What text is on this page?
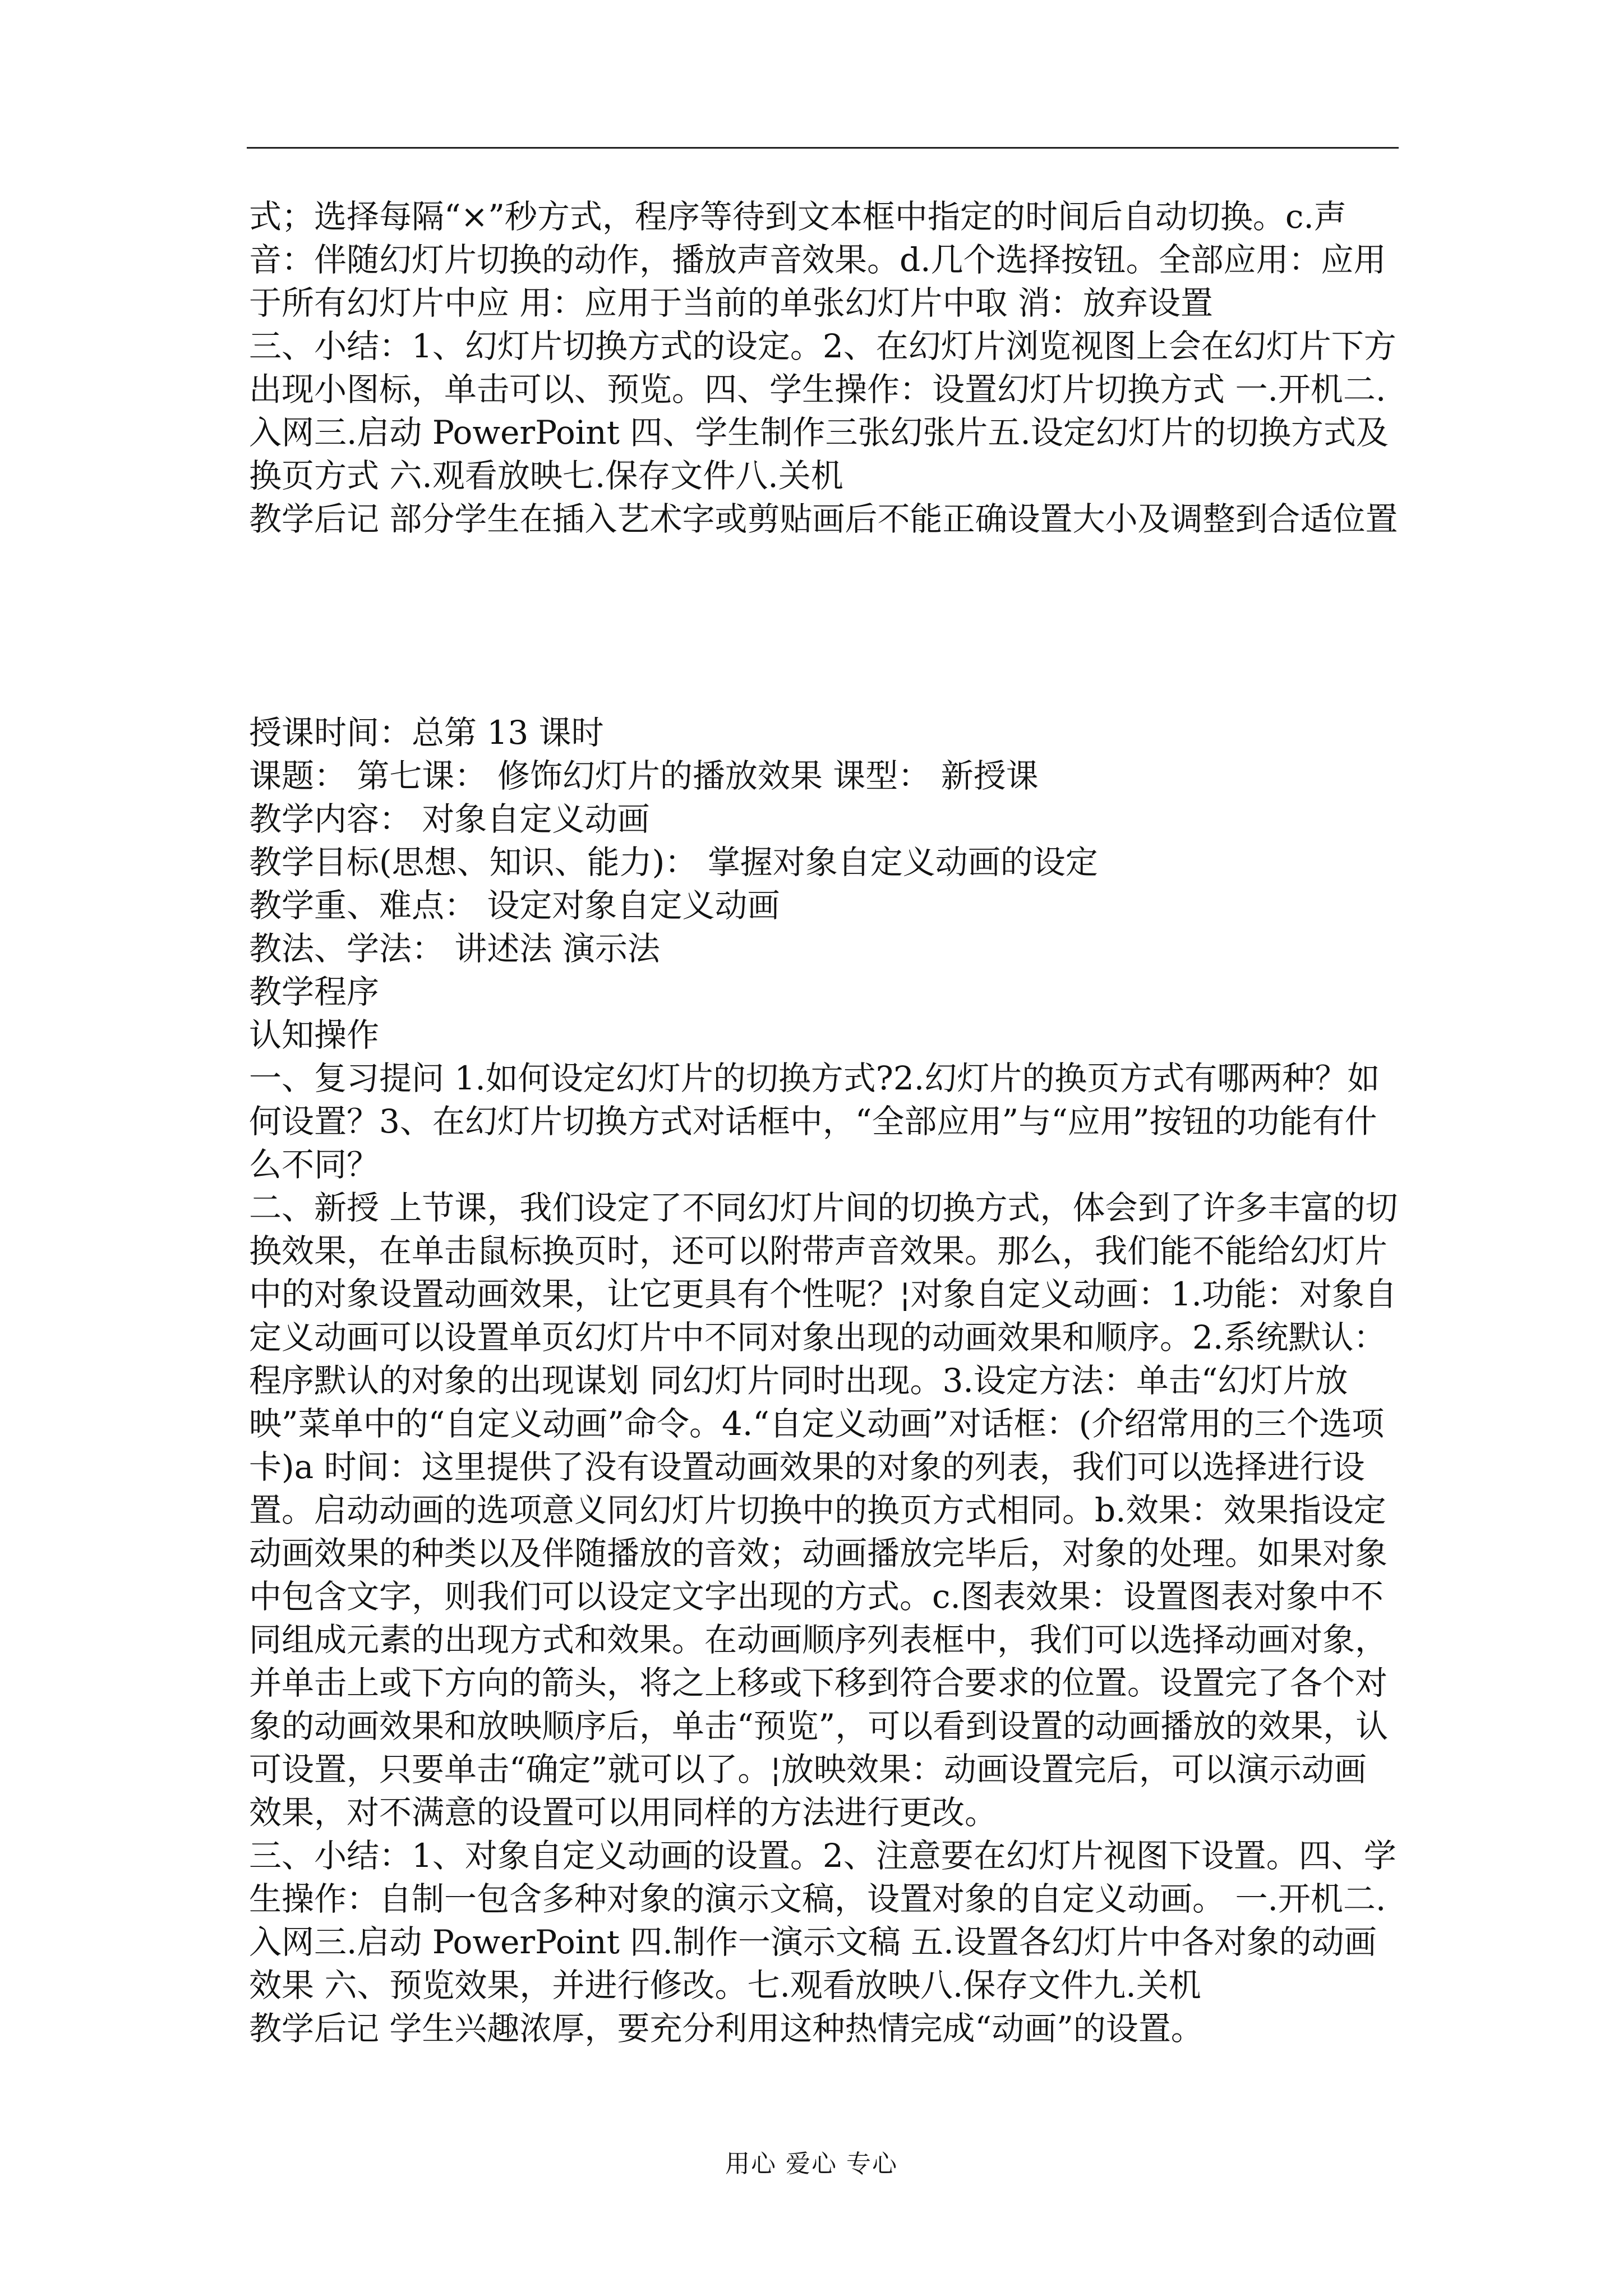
式；选择每隔“×”秒方式，程序等待到文本框中指定的时间后自动切换。c.声音：伴随幻灯片切换的动作，播放声音效果。d.几个选择按钮。全部应用：应用于所有幻灯片中应 用：应用于当前的单张幻灯片中取 消：放弃设置

三、小结：1、幻灯片切换方式的设定。2、在幻灯片浏览视图上会在幻灯片下方出现小图标，单击可以、预览。四、学生操作：设置幻灯片切换方式 一.开机二.入网三.启动 PowerPoint 四、学生制作三张幻张片五.设定幻灯片的切换方式及换页方式 六.观看放映七.保存文件八.关机

教学后记 部分学生在插入艺术字或剪贴画后不能正确设置大小及调整到合适位置

授课时间：总第 13 课时

课题： 第七课： 修饰幻灯片的播放效果 课型： 新授课

教学内容： 对象自定义动画

教学目标(思想、知识、能力)： 掌握对象自定义动画的设定

教学重、难点： 设定对象自定义动画

教法、学法： 讲述法 演示法

教学程序

认知操作

一、复习提问 1.如何设定幻灯片的切换方式?2.幻灯片的换页方式有哪两种？如何设置？3、在幻灯片切换方式对话框中，“全部应用”与“应用”按钮的功能有什么不同？

二、新授 上节课，我们设定了不同幻灯片间的切换方式，体会到了许多丰富的切换效果，在单击鼠标换页时，还可以附带声音效果。那么，我们能不能给幻灯片中的对象设置动画效果，让它更具有个性呢？¦对象自定义动画：1.功能：对象自定义动画可以设置单页幻灯片中不同对象出现的动画效果和顺序。2.系统默认：程序默认的对象的出现谋划 同幻灯片同时出现。3.设定方法：单击“幻灯片放映”菜单中的“自定义动画”命令。4.“自定义动画”对话框：(介绍常用的三个选项卡)a 时间：这里提供了没有设置动画效果的对象的列表，我们可以选择进行设置。启动动画的选项意义同幻灯片切换中的换页方式相同。b.效果：效果指设定动画效果的种类以及伴随播放的音效；动画播放完毕后，对象的处理。如果对象中包含文字，则我们可以设定文字出现的方式。c.图表效果：设置图表对象中不同组成元素的出现方式和效果。在动画顺序列表框中，我们可以选择动画对象，并单击上或下方向的箭头，将之上移或下移到符合要求的位置。设置完了各个对象的动画效果和放映顺序后，单击“预览”，可以看到设置的动画播放的效果，认可设置，只要单击“确定”就可以了。¦放映效果：动画设置完后，可以演示动画效果，对不满意的设置可以用同样的方法进行更改。

三、小结：1、对象自定义动画的设置。2、注意要在幻灯片视图下设置。四、学生操作：自制一包含多种对象的演示文稿，设置对象的自定义动画。 一.开机二.入网三.启动 PowerPoint 四.制作一演示文稿 五.设置各幻灯片中各对象的动画效果 六、预览效果，并进行修改。七.观看放映八.保存文件九.关机

教学后记 学生兴趣浓厚，要充分利用这种热情完成“动画”的设置。

用心 爱心 专心
